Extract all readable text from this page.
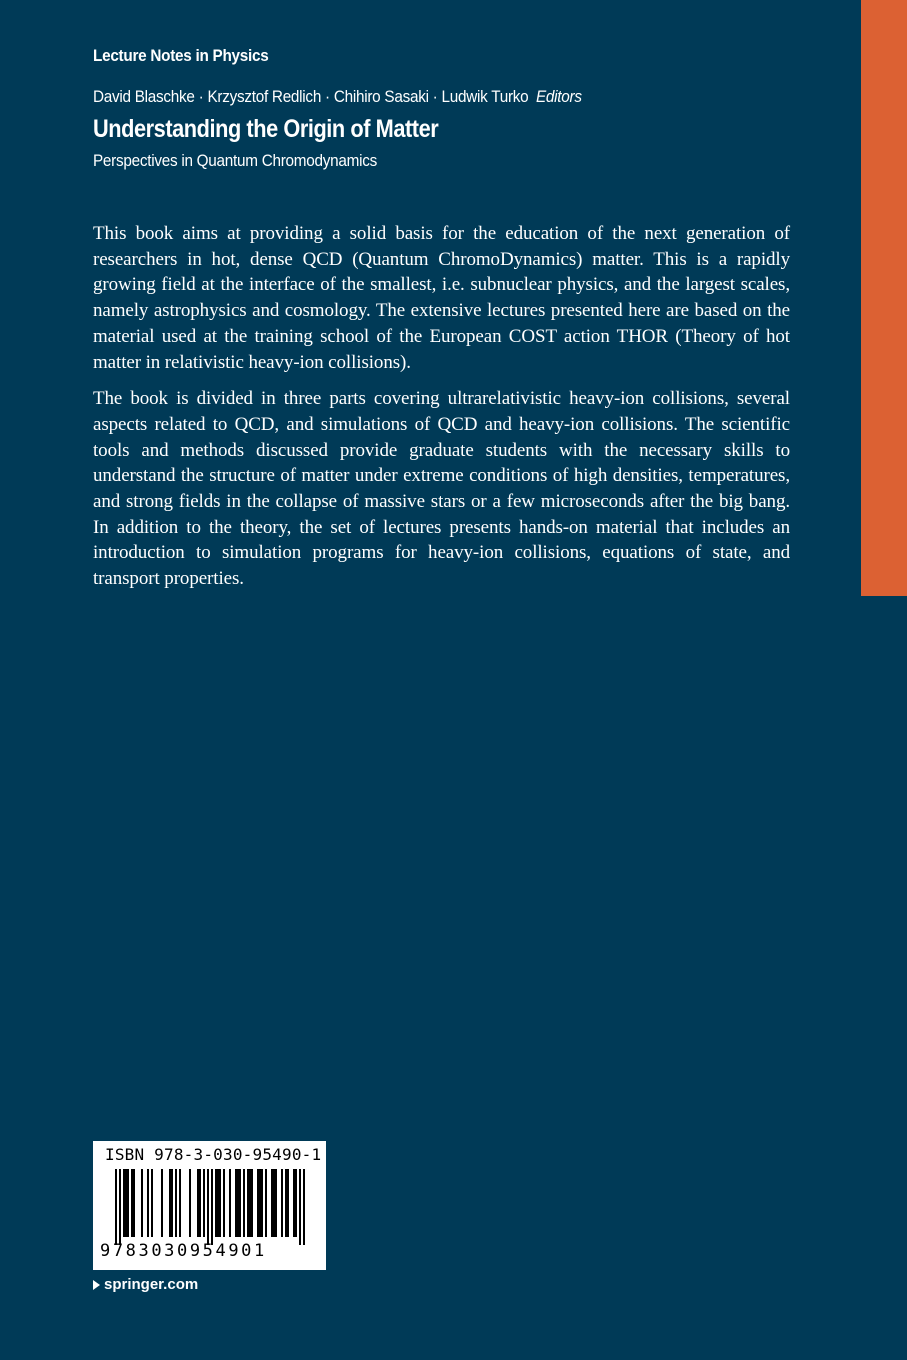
Lecture Notes in Physics
David Blaschke · Krzysztof Redlich · Chihiro Sasaki · Ludwik Turko Editors
Understanding the Origin of Matter
Perspectives in Quantum Chromodynamics

This book aims at providing a solid basis for the education of the next generation of researchers in hot, dense QCD (Quantum ChromoDynamics) matter. This is a rapidly growing field at the interface of the smallest, i.e. subnuclear physics, and the largest scales, namely astrophysics and cosmology. The extensive lectures presented here are based on the material used at the training school of the European COST action THOR (Theory of hot matter in relativistic heavy-ion collisions).

The book is divided in three parts covering ultrarelativistic heavy-ion collisions, several aspects related to QCD, and simulations of QCD and heavy-ion collisions. The scientific tools and methods discussed provide graduate students with the necessary skills to understand the structure of matter under extreme conditions of high densities, temperatures, and strong fields in the collapse of massive stars or a few microseconds after the big bang. In addition to the theory, the set of lectures presents hands-on material that includes an introduction to simulation programs for heavy-ion collisions, equations of state, and transport properties.

ISBN 978-3-030-95490-1
9783030954901
springer.com
